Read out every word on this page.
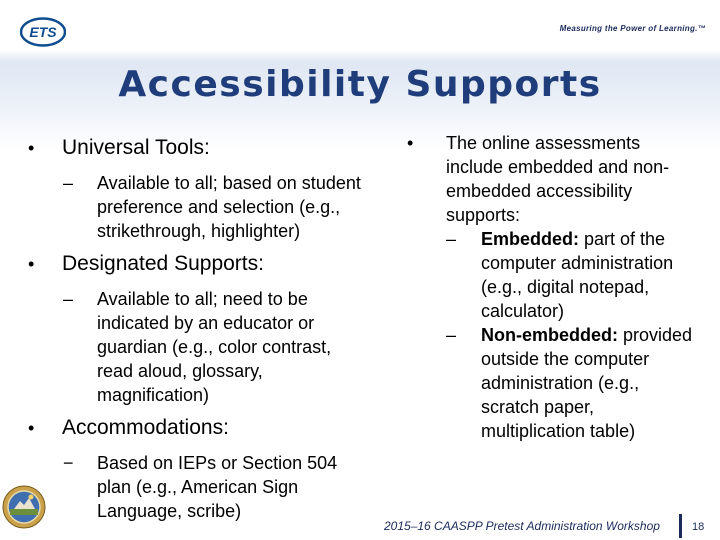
ETS	Measuring the Power of Learning.™
Accessibility Supports
• Universal Tools:
– Available to all; based on student preference and selection (e.g., strikethrough, highlighter)
• Designated Supports:
– Available to all; need to be indicated by an educator or guardian (e.g., color contrast, read aloud, glossary, magnification)
• Accommodations:
− Based on IEPs or Section 504 plan (e.g., American Sign Language, scribe)
• The online assessments include embedded and non-embedded accessibility supports:
– Embedded: part of the computer administration (e.g., digital notepad, calculator)
– Non-embedded: provided outside the computer administration (e.g., scratch paper, multiplication table)
2015–16 CAASPP Pretest Administration Workshop	18
